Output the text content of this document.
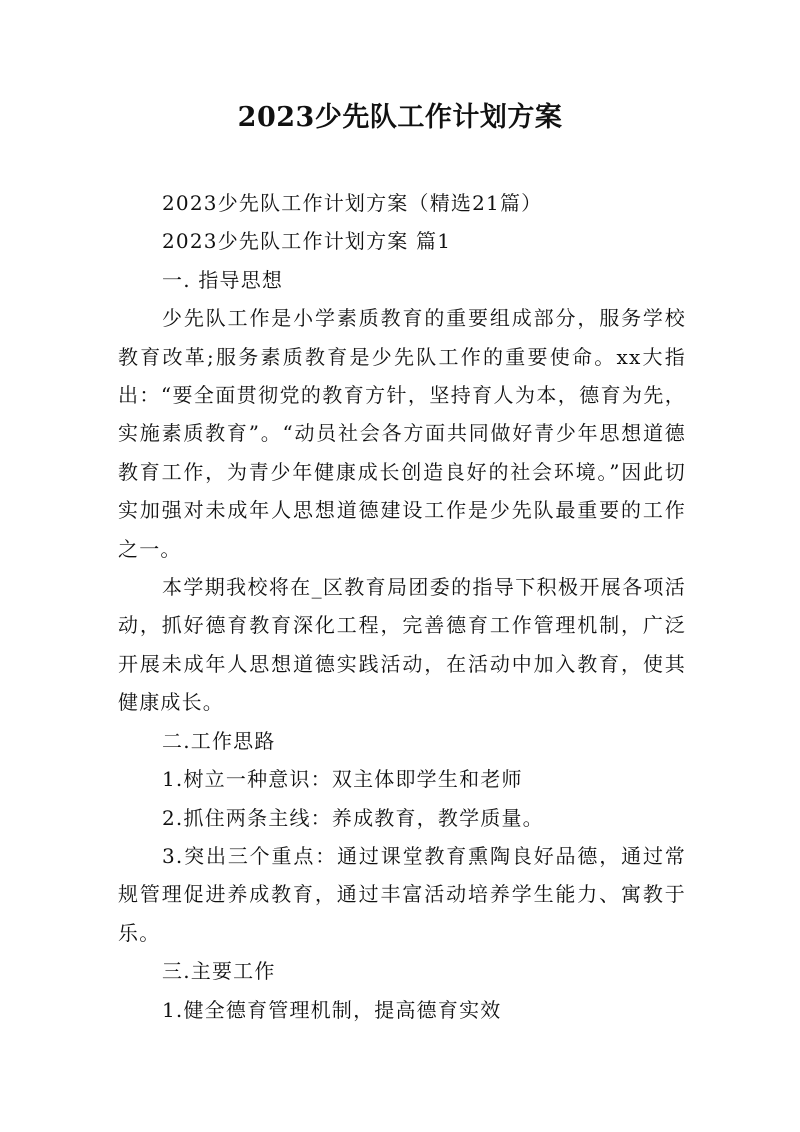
2023少先队工作计划方案

2023少先队工作计划方案（精选21篇）

2023少先队工作计划方案 篇1

一. 指导思想

少先队工作是小学素质教育的重要组成部分，服务学校教育改革;服务素质教育是少先队工作的重要使命。xx大指出：“要全面贯彻党的教育方针，坚持育人为本，德育为先，实施素质教育”。“动员社会各方面共同做好青少年思想道德教育工作，为青少年健康成长创造良好的社会环境。”因此切实加强对未成年人思想道德建设工作是少先队最重要的工作之一。

本学期我校将在_区教育局团委的指导下积极开展各项活动，抓好德育教育深化工程，完善德育工作管理机制，广泛开展未成年人思想道德实践活动，在活动中加入教育，使其健康成长。

二.工作思路

1.树立一种意识：双主体即学生和老师

2.抓住两条主线：养成教育，教学质量。

3.突出三个重点：通过课堂教育熏陶良好品德，通过常规管理促进养成教育，通过丰富活动培养学生能力、寓教于乐。

三.主要工作

1.健全德育管理机制，提高德育实效
